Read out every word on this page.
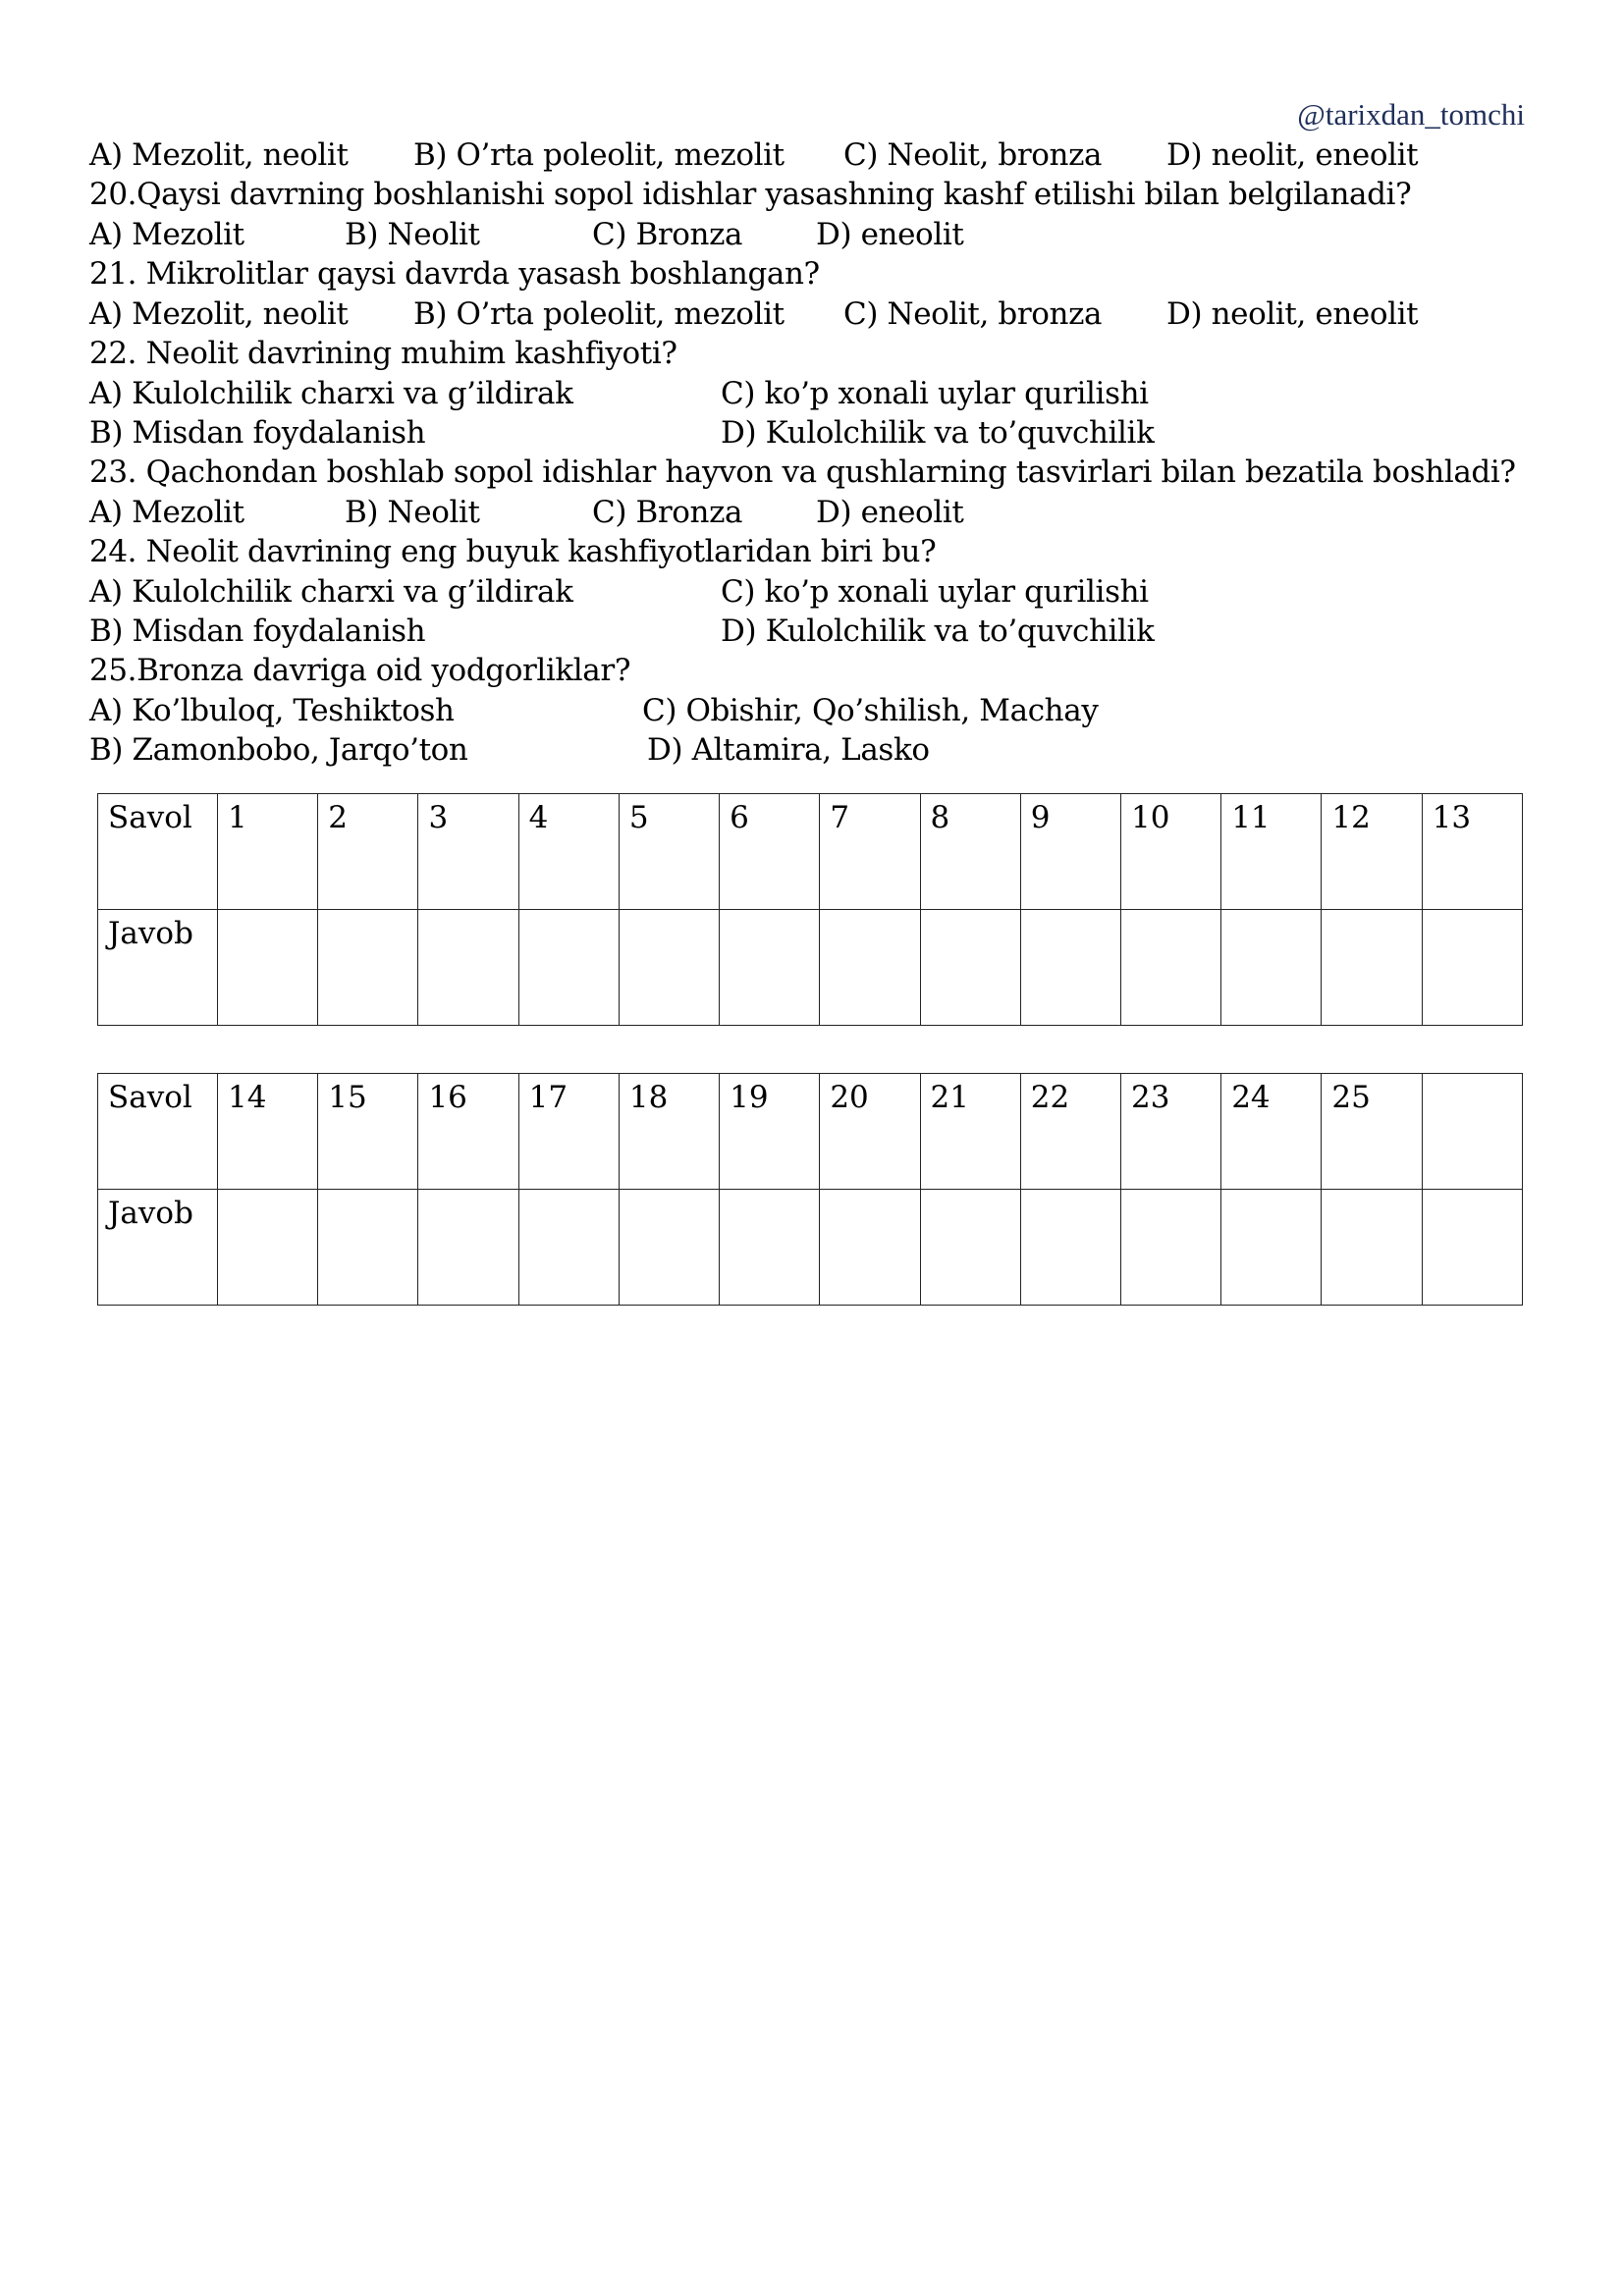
@tarixdan_tomchi
A) Mezolit, neolit B) O’rta poleolit, mezolit C) Neolit, bronza D) neolit, eneolit
20.Qaysi davrning boshlanishi sopol idishlar yasashning kashf etilishi bilan belgilanadi?
A) Mezolit	B) Neolit	C) Bronza D) eneolit
21. Mikrolitlar qaysi davrda yasash boshlangan?
A) Mezolit, neolit B) O’rta poleolit, mezolit C) Neolit, bronza D) neolit, eneolit
22. Neolit davrining muhim kashfiyoti?
A) Kulolchilik charxi va g’ildirak	C) ko’p xonali uylar qurilishi
B) Misdan foydalanish	D) Kulolchilik va to’quvchilik
23. Qachondan boshlab sopol idishlar hayvon va qushlarning tasvirlari bilan bezatila boshladi?
A) Mezolit	B) Neolit	C) Bronza D) eneolit
24. Neolit davrining eng buyuk kashfiyotlaridan biri bu?
A) Kulolchilik charxi va g’ildirak	C) ko’p xonali uylar qurilishi
B) Misdan foydalanish	D) Kulolchilik va to’quvchilik
25.Bronza davriga oid yodgorliklar?
A) Ko’lbuloq, Teshiktosh	C) Obishir, Qo’shilish, Machay
B) Zamonbobo, Jarqo’ton	D) Altamira, Lasko
Savol	1	2	3	4	5	6	7	8	9	10	11	12	13
Javob													
Savol	14	15	16	17	18	19	20	21	22	23	24	25	
Javob													
